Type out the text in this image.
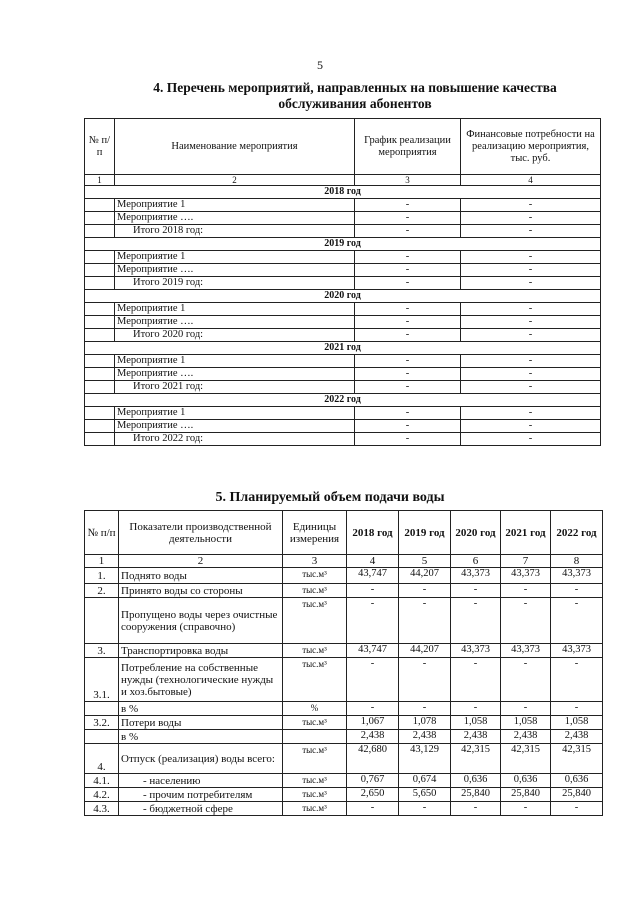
5
4. Перечень мероприятий, направленных на повышение качества
обслуживания абонентов
№ п/п	Наименование мероприятия	График реализации мероприятия	Финансовые потребности на реализацию мероприятия, тыс. руб.
1	2	3	4
2018 год			
	Мероприятие 1	-	-
	Мероприятие ….	-	-
	Итого 2018 год:	-	-
2019 год			
	Мероприятие 1	-	-
	Мероприятие ….	-	-
	Итого 2019 год:	-	-
2020 год			
	Мероприятие 1	-	-
	Мероприятие ….	-	-
	Итого 2020 год:	-	-
2021 год			
	Мероприятие 1	-	-
	Мероприятие ….	-	-
	Итого 2021 год:	-	-
2022 год			
	Мероприятие 1	-	-
	Мероприятие ….	-	-
	Итого 2022 год:	-	-
5. Планируемый объем подачи воды
№ п/п	Показатели производственной деятельности	Единицы измерения	2018 год	2019 год	2020 год	2021 год	2022 год
1	2	3	4	5	6	7	8
1.	Поднято воды	тыс.м³	43,747	44,207	43,373	43,373	43,373
2.	Принято воды со стороны	тыс.м³	-	-	-	-	-
	Пропущено воды через очистные сооружения (справочно)	тыс.м³	-	-	-	-	-
3.	Транспортировка воды	тыс.м³	43,747	44,207	43,373	43,373	43,373
3.1.	Потребление на собственные нужды (технологические нужды и хоз.бытовые)	тыс.м³	-	-	-	-	-
	в %	%	-	-	-	-	-
3.2.	Потери воды	тыс.м³	1,067	1,078	1,058	1,058	1,058
	в %		2,438	2,438	2,438	2,438	2,438
4.	Отпуск (реализация) воды всего:	тыс.м³	42,680	43,129	42,315	42,315	42,315
4.1.	- населению	тыс.м³	0,767	0,674	0,636	0,636	0,636
4.2.	- прочим потребителям	тыс.м³	2,650	5,650	25,840	25,840	25,840
4.3.	- бюджетной сфере	тыс.м³	-	-	-	-	-
